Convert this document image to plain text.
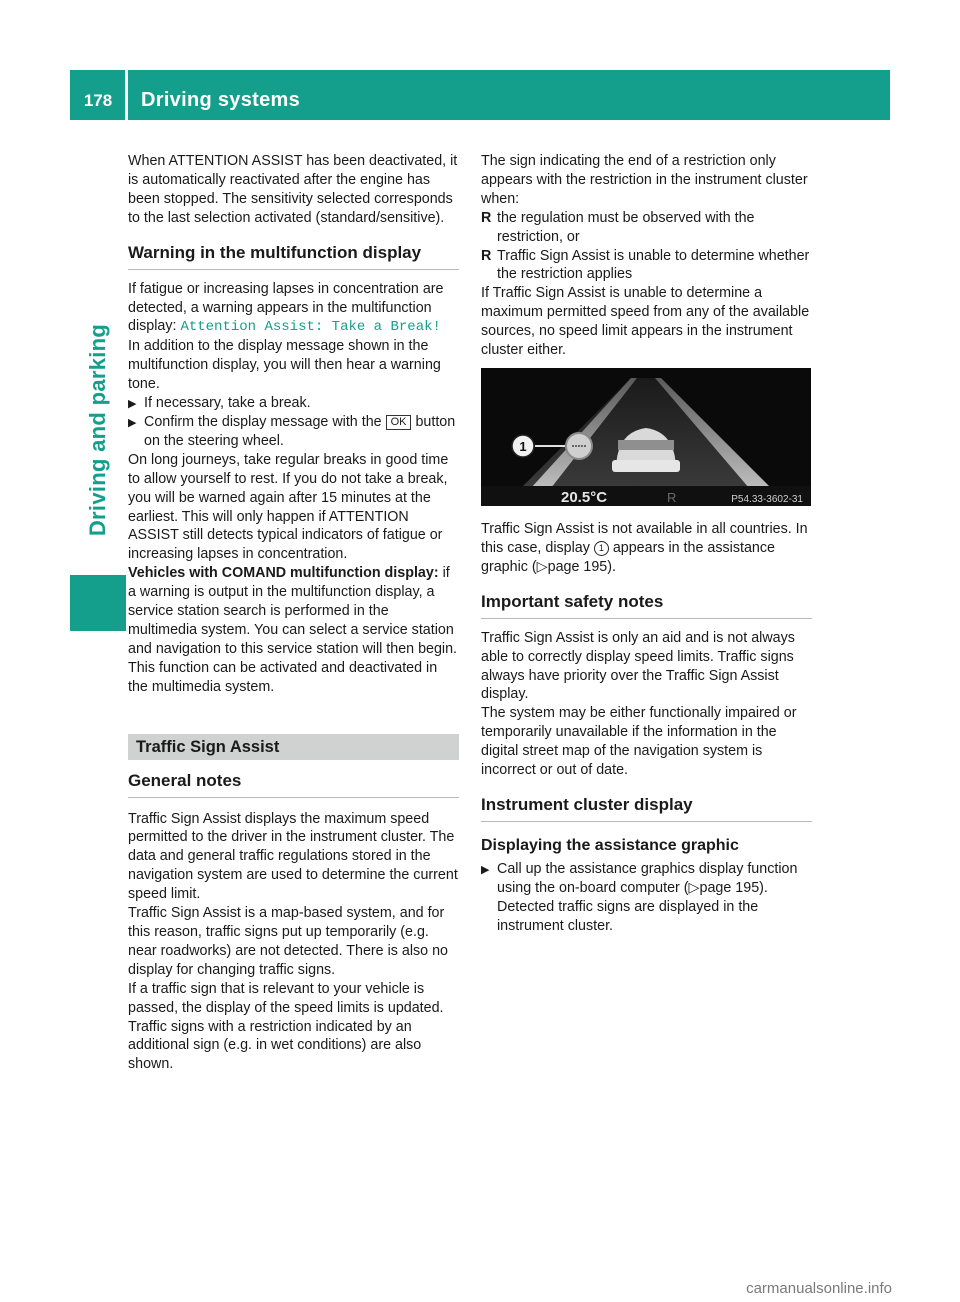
178	Driving systems
Driving and parking

When ATTENTION ASSIST has been deactivated, it is automatically reactivated after the engine has been stopped. The sensitivity selected corresponds to the last selection activated (standard/sensitive).

Warning in the multifunction display

If fatigue or increasing lapses in concentration are detected, a warning appears in the multifunction display: Attention Assist: Take a Break!

In addition to the display message shown in the multifunction display, you will then hear a warning tone.

▶ If necessary, take a break.
▶ Confirm the display message with the OK button on the steering wheel.

On long journeys, take regular breaks in good time to allow yourself to rest. If you do not take a break, you will be warned again after 15 minutes at the earliest. This will only happen if ATTENTION ASSIST still detects typical indicators of fatigue or increasing lapses in concentration.

Vehicles with COMAND multifunction display: if a warning is output in the multifunction display, a service station search is performed in the multimedia system. You can select a service station and navigation to this service station will then begin. This function can be activated and deactivated in the multimedia system.

Traffic Sign Assist
General notes

Traffic Sign Assist displays the maximum speed permitted to the driver in the instrument cluster. The data and general traffic regulations stored in the navigation system are used to determine the current speed limit.

Traffic Sign Assist is a map-based system, and for this reason, traffic signs put up temporarily (e.g. near roadworks) are not detected. There is also no display for changing traffic signs.

If a traffic sign that is relevant to your vehicle is passed, the display of the speed limits is updated.

Traffic signs with a restriction indicated by an additional sign (e.g. in wet conditions) are also shown.

The sign indicating the end of a restriction only appears with the restriction in the instrument cluster when:

R the regulation must be observed with the restriction, or
R Traffic Sign Assist is unable to determine whether the restriction applies

If Traffic Sign Assist is unable to determine a maximum permitted speed from any of the available sources, no speed limit appears in the instrument cluster either.

1
20.5°C	R	P54.33-3602-31

Traffic Sign Assist is not available in all countries. In this case, display 1 appears in the assistance graphic (▷page 195).

Important safety notes

Traffic Sign Assist is only an aid and is not always able to correctly display speed limits. Traffic signs always have priority over the Traffic Sign Assist display.

The system may be either functionally impaired or temporarily unavailable if the information in the digital street map of the navigation system is incorrect or out of date.

Instrument cluster display
Displaying the assistance graphic
▶ Call up the assistance graphics display function using the on-board computer (▷page 195).
Detected traffic signs are displayed in the instrument cluster.
carmanualsonline.info
